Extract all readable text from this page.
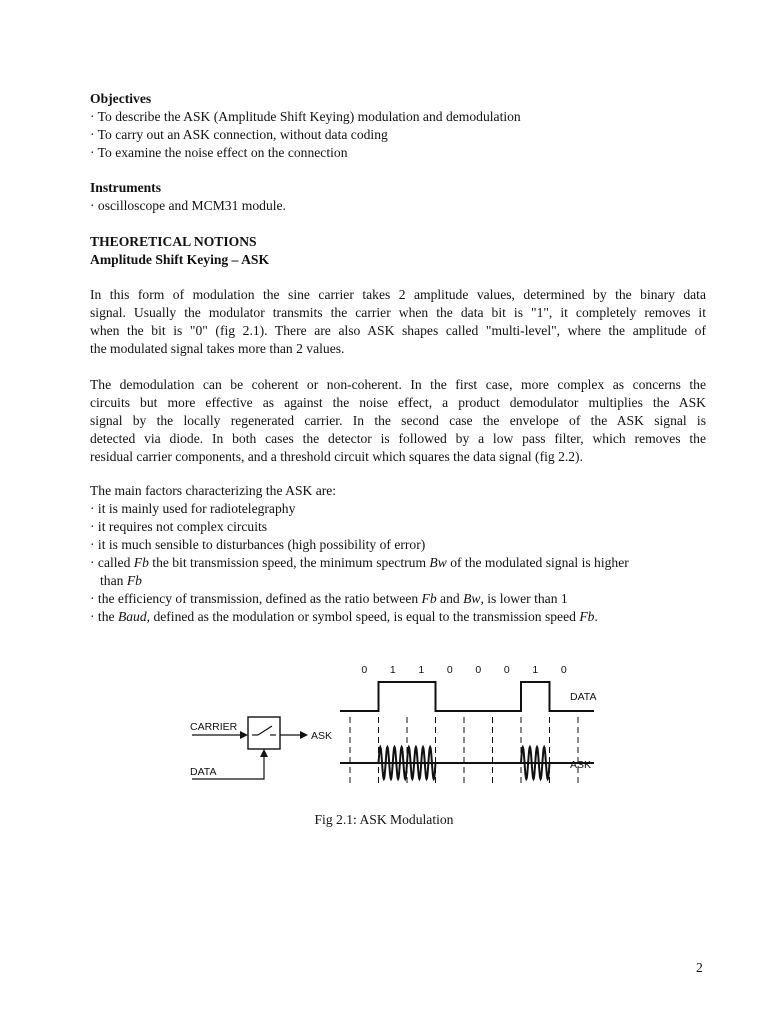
Objectives
· To describe the ASK (Amplitude Shift Keying) modulation and demodulation
· To carry out an ASK connection, without data coding
· To examine the noise effect on the connection
Instruments
· oscilloscope and MCM31 module.
THEORETICAL NOTIONS
Amplitude Shift Keying – ASK
In this form of modulation the sine carrier takes 2 amplitude values, determined by the binary data
signal. Usually the modulator transmits the carrier when the data bit is "1", it completely removes it
when the bit is "0" (fig 2.1). There are also ASK shapes called "multi-level", where the amplitude of
the modulated signal takes more than 2 values.
The demodulation can be coherent or non-coherent. In the first case, more complex as concerns the
circuits but more effective as against the noise effect, a product demodulator multiplies the ASK
signal by the locally regenerated carrier. In the second case the envelope of the ASK signal is
detected via diode. In both cases the detector is followed by a low pass filter, which removes the
residual carrier components, and a threshold circuit which squares the data signal (fig 2.2).
The main factors characterizing the ASK are:
· it is mainly used for radiotelegraphy
· it requires not complex circuits
· it is much sensible to disturbances (high possibility of error)
· called Fb the bit transmission speed, the minimum spectrum Bw of the modulated signal is higher
than Fb
· the efficiency of transmission, defined as the ratio between Fb and Bw, is lower than 1
· the Baud, defined as the modulation or symbol speed, is equal to the transmission speed Fb.
CARRIER
ASK
DATA
0 1 1 0 0 0 1 0
DATA
ASK
Fig 2.1: ASK Modulation
2
